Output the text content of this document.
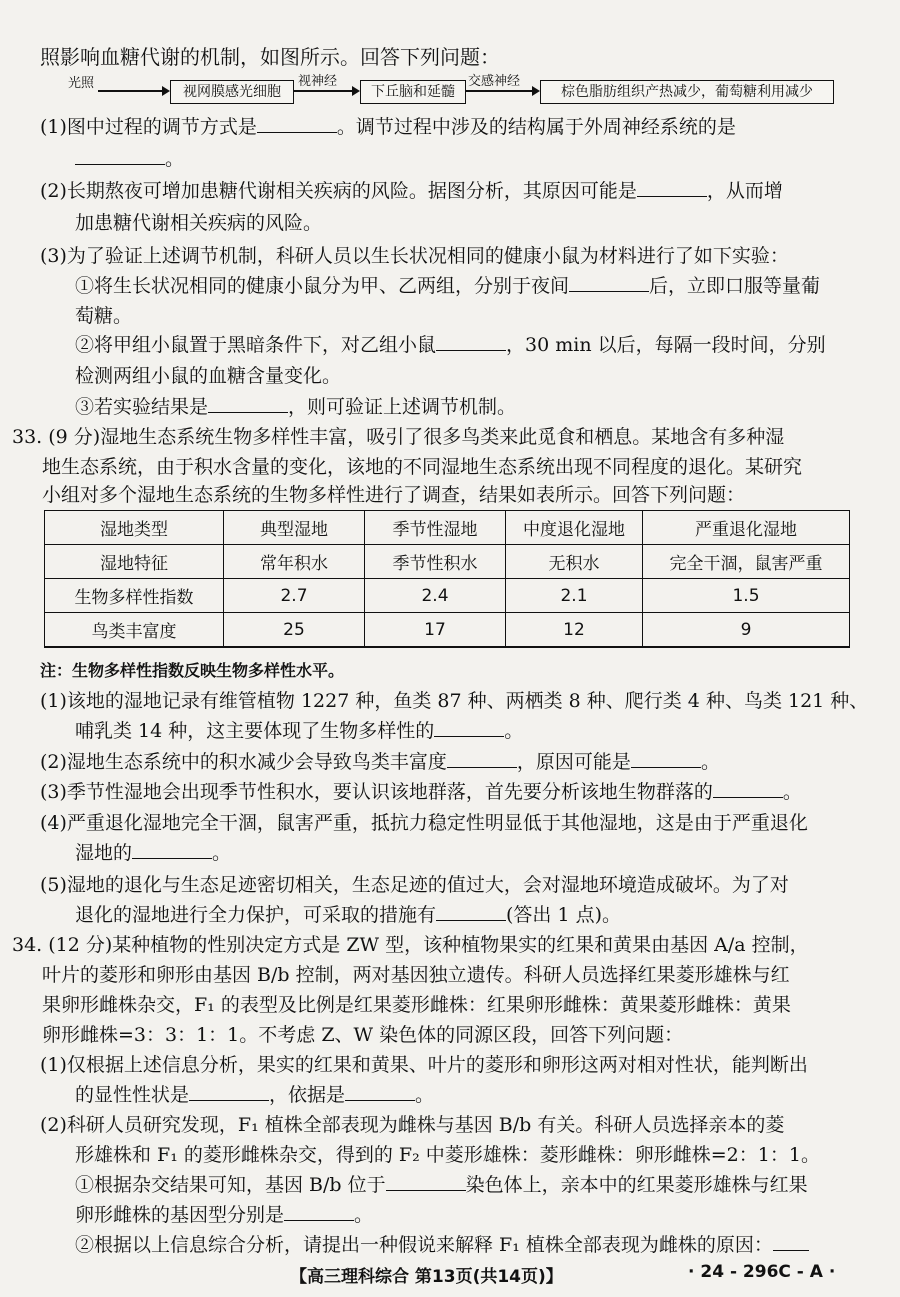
照影响血糖代谢的机制，如图所示。回答下列问题：
光照
视网膜感光细胞
视神经
下丘脑和延髓
交感神经
棕色脂肪组织产热减少，葡萄糖利用减少
(1)图中过程的调节方式是	。调节过程中涉及的结构属于外周神经系统的是
。
(2)长期熬夜可增加患糖代谢相关疾病的风险。据图分析，其原因可能是	，从而增
加患糖代谢相关疾病的风险。
(3)为了验证上述调节机制，科研人员以生长状况相同的健康小鼠为材料进行了如下实验：
①将生长状况相同的健康小鼠分为甲、乙两组，分别于夜间	后，立即口服等量葡
萄糖。
②将甲组小鼠置于黑暗条件下，对乙组小鼠	，30 min 以后，每隔一段时间，分别
检测两组小鼠的血糖含量变化。
③若实验结果是	，则可验证上述调节机制。
33. (9 分)湿地生态系统生物多样性丰富，吸引了很多鸟类来此觅食和栖息。某地含有多种湿
地生态系统，由于积水含量的变化，该地的不同湿地生态系统出现不同程度的退化。某研究
小组对多个湿地生态系统的生物多样性进行了调查，结果如表所示。回答下列问题：
湿地类型	典型湿地	季节性湿地	中度退化湿地	严重退化湿地
湿地特征	常年积水	季节性积水	无积水	完全干涸，鼠害严重
生物多样性指数	2.7	2.4	2.1	1.5
鸟类丰富度	25	17	12	9
注：生物多样性指数反映生物多样性水平。
(1)该地的湿地记录有维管植物 1227 种，鱼类 87 种、两栖类 8 种、爬行类 4 种、鸟类 121 种、
哺乳类 14 种，这主要体现了生物多样性的	。
(2)湿地生态系统中的积水减少会导致鸟类丰富度	，原因可能是	。
(3)季节性湿地会出现季节性积水，要认识该地群落，首先要分析该地生物群落的	。
(4)严重退化湿地完全干涸，鼠害严重，抵抗力稳定性明显低于其他湿地，这是由于严重退化
湿地的	。
(5)湿地的退化与生态足迹密切相关，生态足迹的值过大，会对湿地环境造成破坏。为了对
退化的湿地进行全力保护，可采取的措施有	(答出 1 点)。
34. (12 分)某种植物的性别决定方式是 ZW 型，该种植物果实的红果和黄果由基因 A/a 控制，
叶片的菱形和卵形由基因 B/b 控制，两对基因独立遗传。科研人员选择红果菱形雄株与红
果卵形雌株杂交，F₁ 的表型及比例是红果菱形雌株：红果卵形雌株：黄果菱形雌株：黄果
卵形雌株=3：3：1：1。不考虑 Z、W 染色体的同源区段，回答下列问题：
(1)仅根据上述信息分析，果实的红果和黄果、叶片的菱形和卵形这两对相对性状，能判断出
的显性性状是	，依据是	。
(2)科研人员研究发现，F₁ 植株全部表现为雌株与基因 B/b 有关。科研人员选择亲本的菱
形雄株和 F₁ 的菱形雌株杂交，得到的 F₂ 中菱形雄株：菱形雌株：卵形雌株=2：1：1。
①根据杂交结果可知，基因 B/b 位于	染色体上，亲本中的红果菱形雄株与红果
卵形雌株的基因型分别是	。
②根据以上信息综合分析，请提出一种假说来解释 F₁ 植株全部表现为雌株的原因：
【高三理科综合 第13页(共14页)】	· 24 - 296C - A ·
